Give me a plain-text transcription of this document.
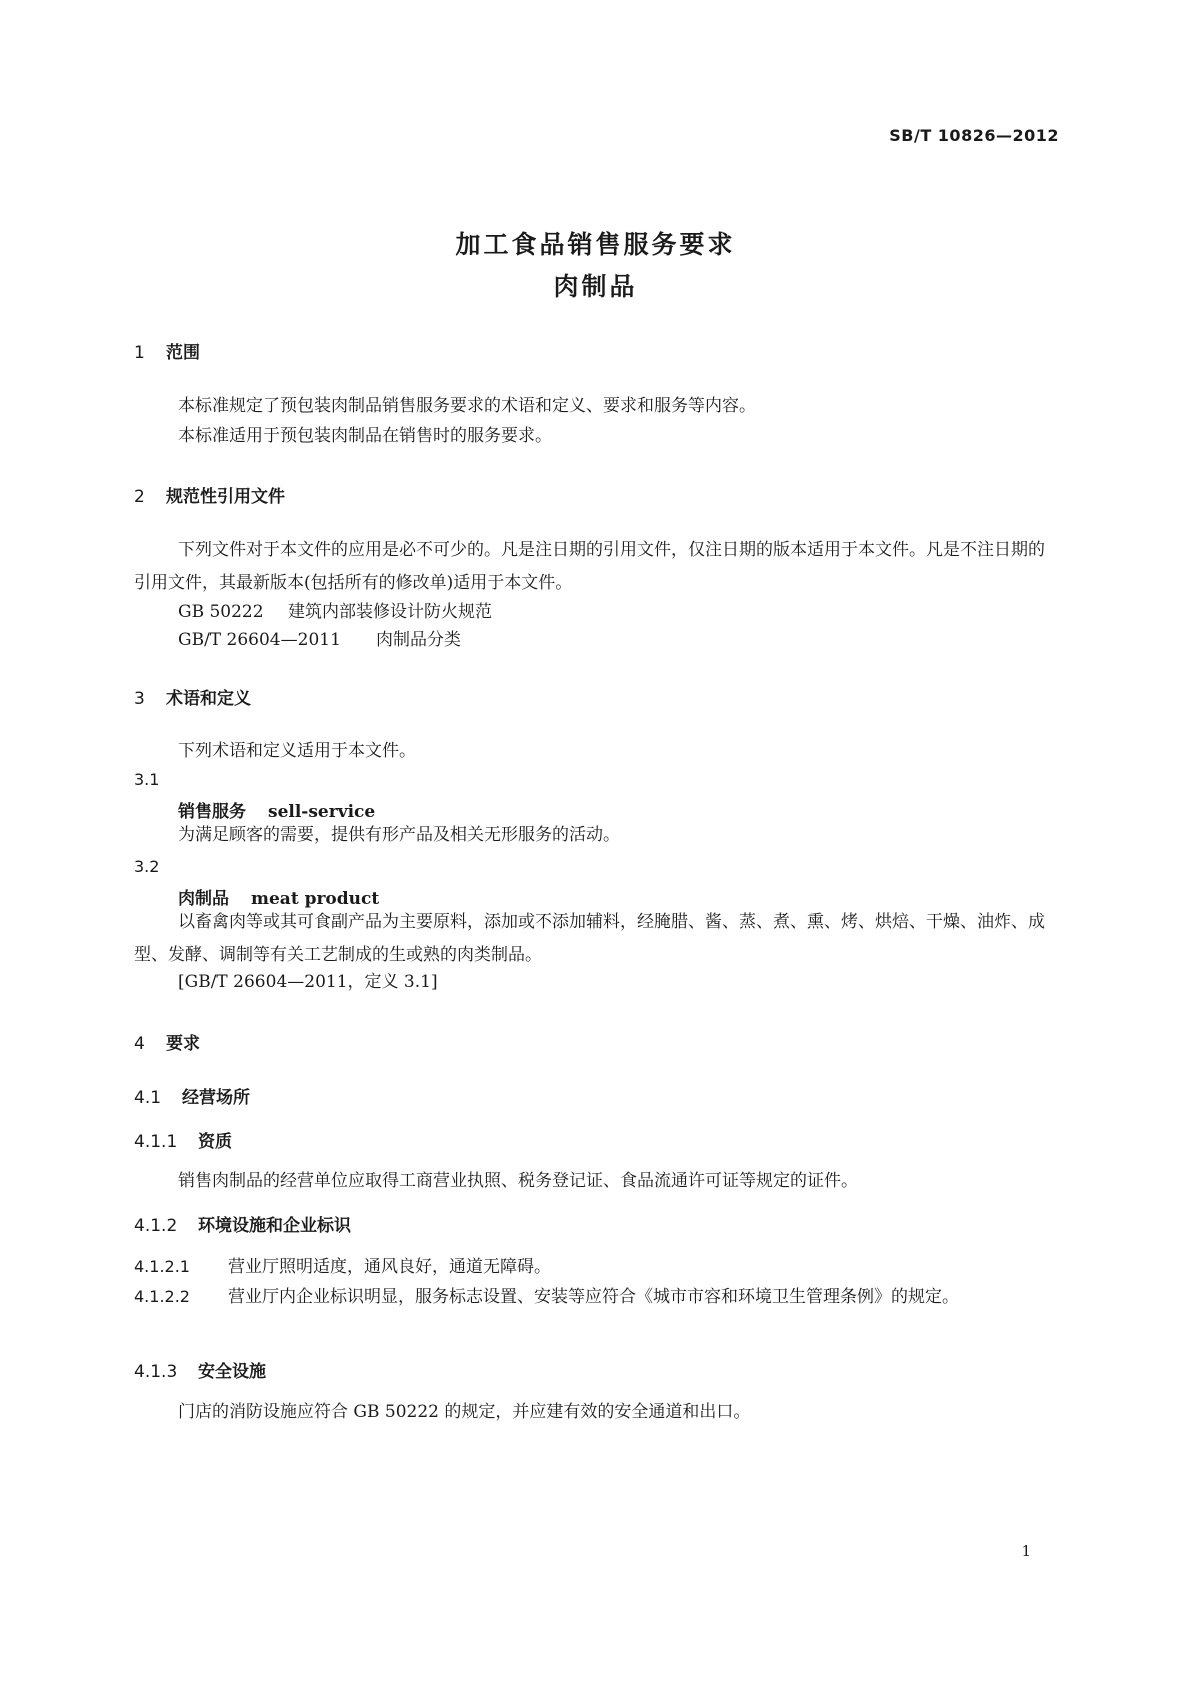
SB/T 10826—2012
加工食品销售服务要求
肉制品
1 范围
本标准规定了预包装肉制品销售服务要求的术语和定义、要求和服务等内容。
本标准适用于预包装肉制品在销售时的服务要求。
2 规范性引用文件
下列文件对于本文件的应用是必不可少的。凡是注日期的引用文件，仅注日期的版本适用于本文件。凡是不注日期的引用文件，其最新版本(包括所有的修改单)适用于本文件。
GB 50222 建筑内部装修设计防火规范
GB/T 26604—2011 肉制品分类
3 术语和定义
下列术语和定义适用于本文件。
3.1
销售服务 sell-service
为满足顾客的需要，提供有形产品及相关无形服务的活动。
3.2
肉制品 meat product
以畜禽肉等或其可食副产品为主要原料，添加或不添加辅料，经腌腊、酱、蒸、煮、熏、烤、烘焙、干燥、油炸、成型、发酵、调制等有关工艺制成的生或熟的肉类制品。
[GB/T 26604—2011，定义 3.1]
4 要求
4.1 经营场所
4.1.1 资质
销售肉制品的经营单位应取得工商营业执照、税务登记证、食品流通许可证等规定的证件。
4.1.2 环境设施和企业标识
4.1.2.1 营业厅照明适度，通风良好，通道无障碍。
4.1.2.2 营业厅内企业标识明显，服务标志设置、安装等应符合《城市市容和环境卫生管理条例》的规定。
4.1.3 安全设施
门店的消防设施应符合 GB 50222 的规定，并应建有效的安全通道和出口。
1
